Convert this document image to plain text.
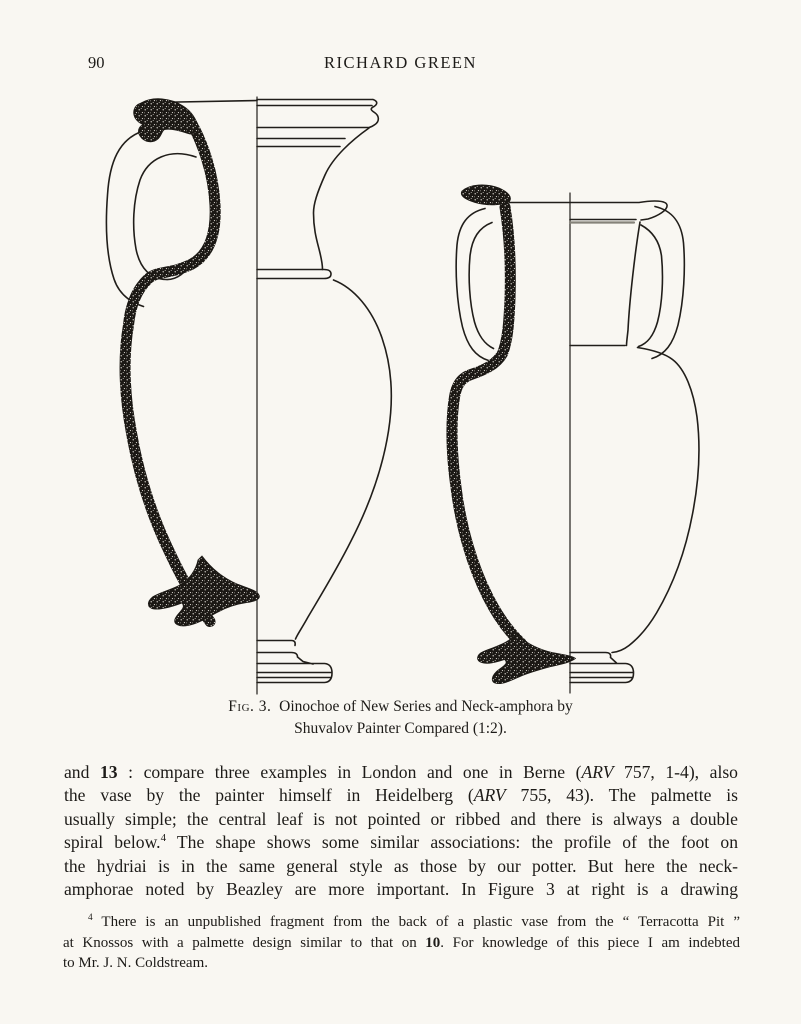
90	RICHARD GREEN
Fig. 3. Oinochoe of New Series and Neck-amphora by
Shuvalov Painter Compared (1:2).
and 13 : compare three examples in London and one in Berne (ARV 757, 1-4), also
the vase by the painter himself in Heidelberg (ARV 755, 43). The palmette is
usually simple; the central leaf is not pointed or ribbed and there is always a double
spiral below.$^4$ The shape shows some similar associations: the profile of the foot on
the hydriai is in the same general style as those by our potter. But here the neck-
amphorae noted by Beazley are more important. In Figure 3 at right is a drawing
$^4$ There is an unpublished fragment from the back of a plastic vase from the “ Terracotta Pit ”
at Knossos with a palmette design similar to that on 10. For knowledge of this piece I am indebted
to Mr. J. N. Coldstream.
